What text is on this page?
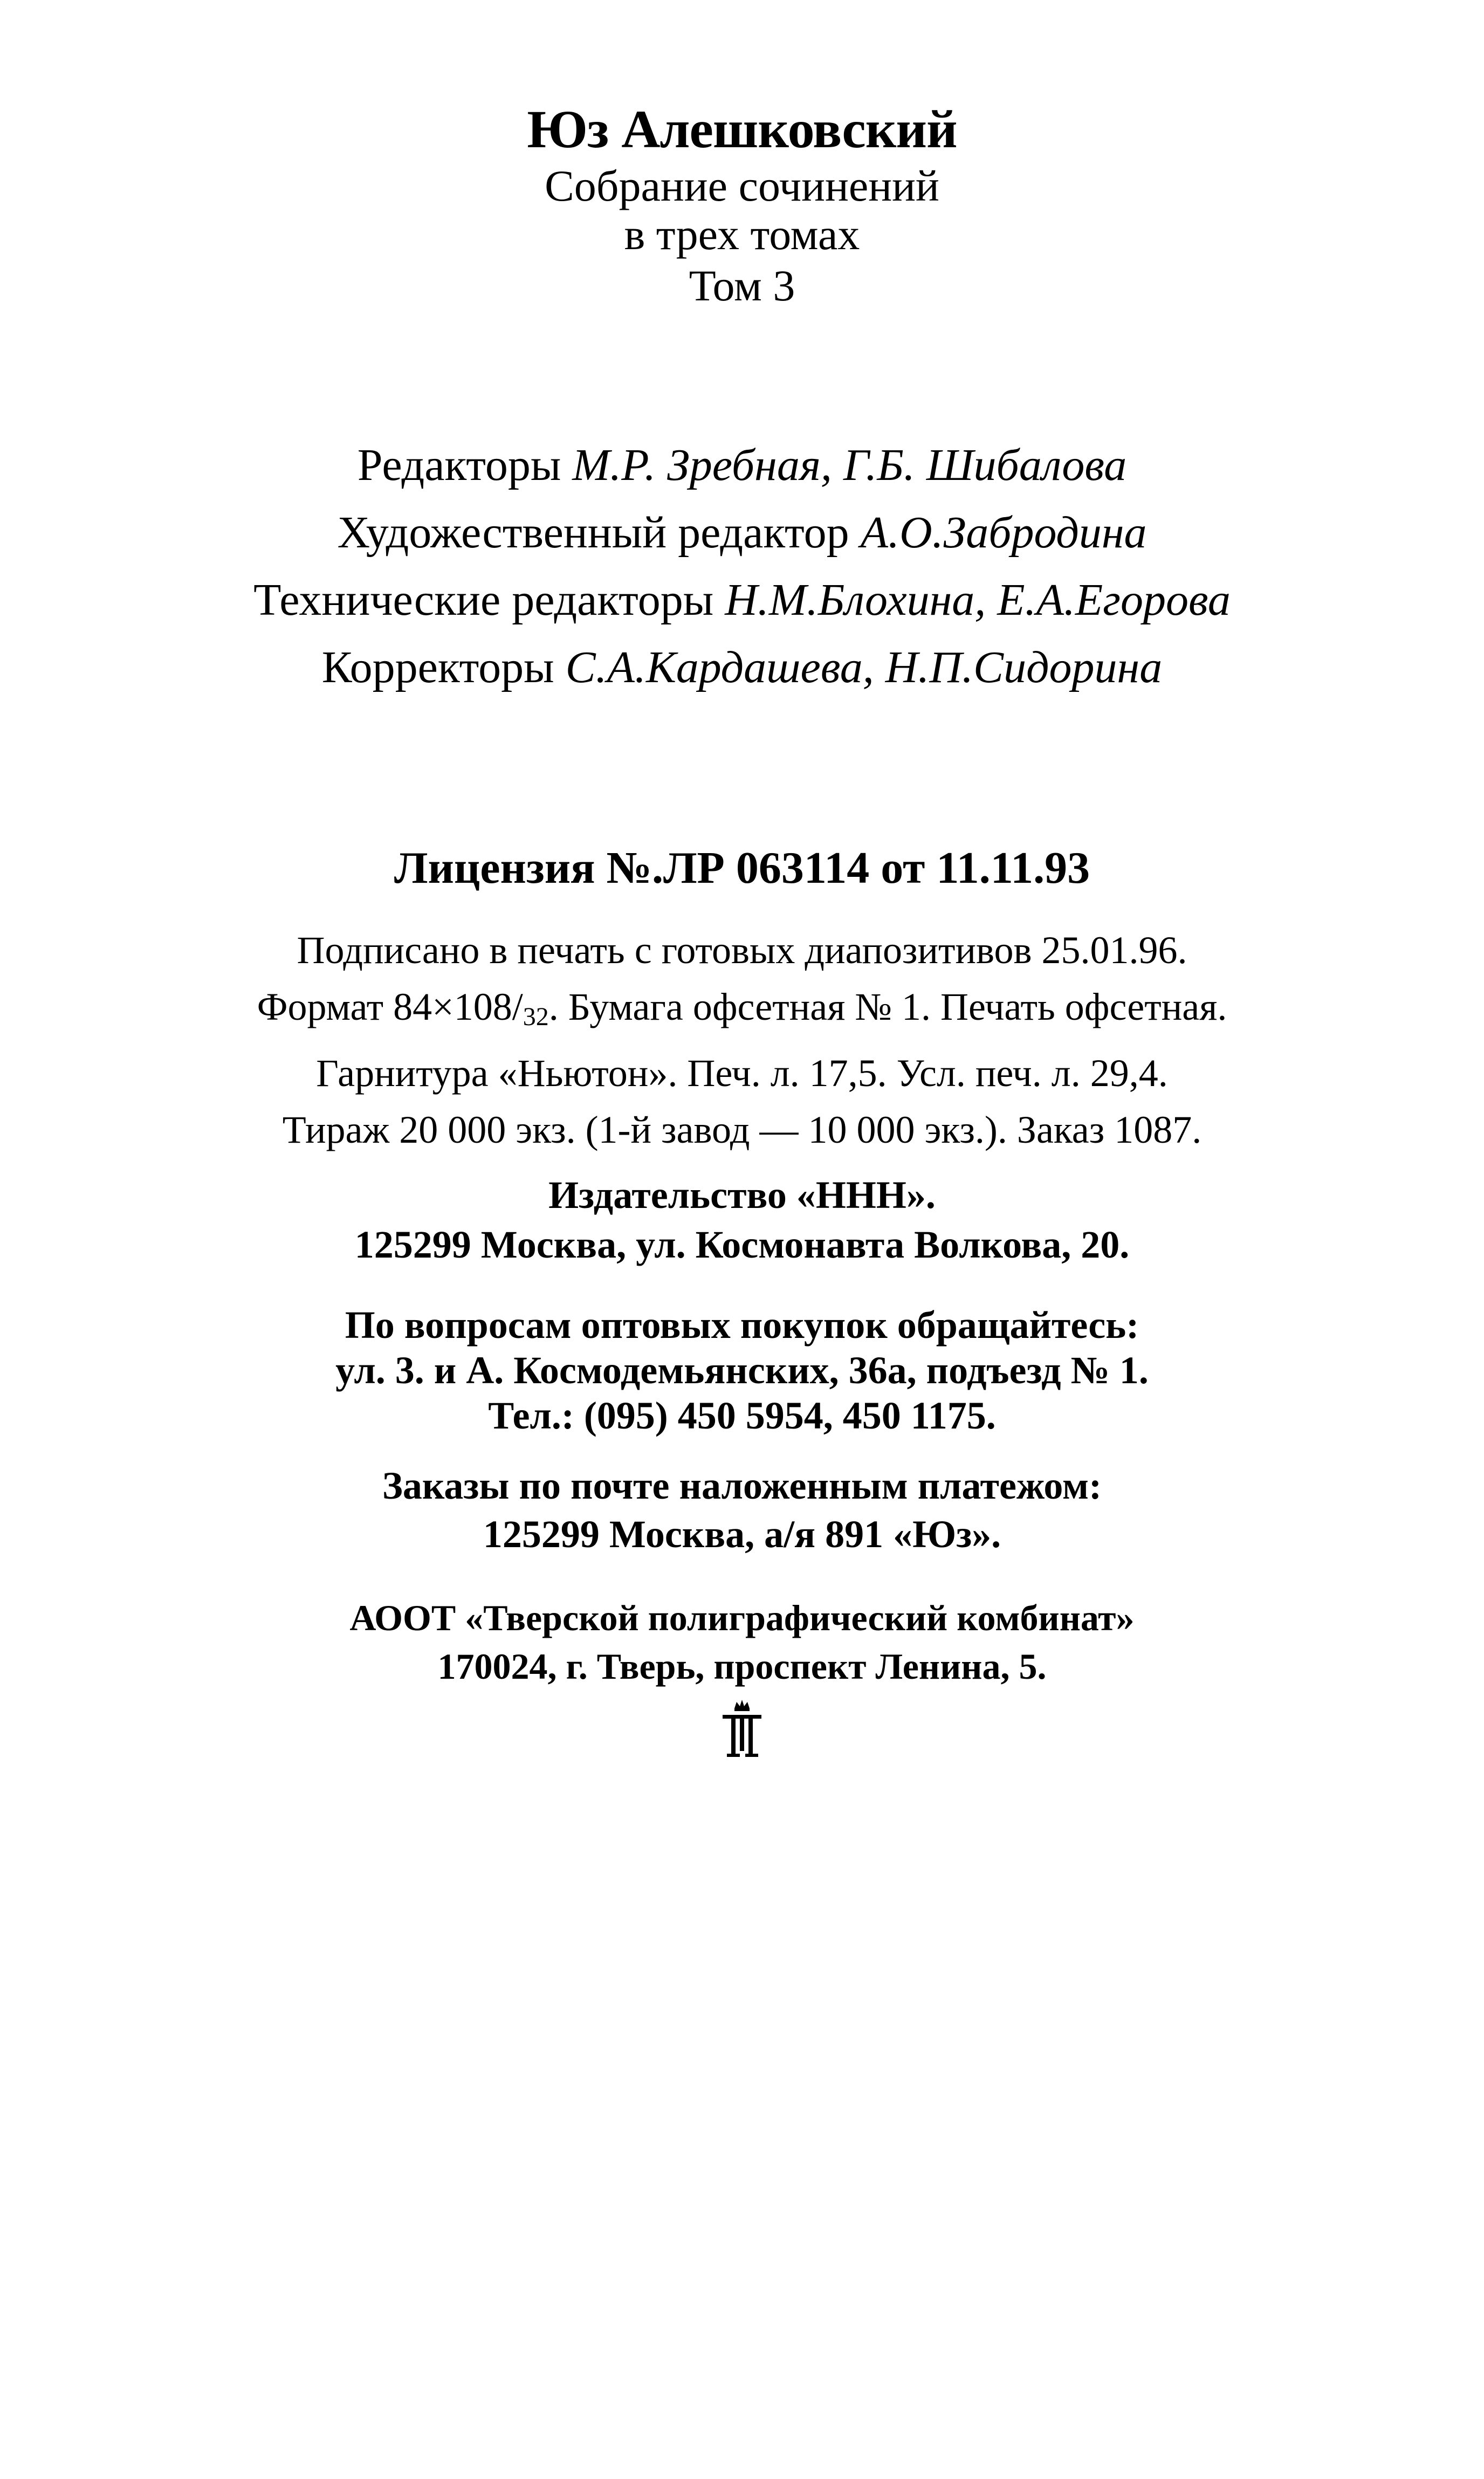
Юз Алешковский
Собрание сочинений
в трех томах
Том 3
Редакторы М.Р. Зребная, Г.Б. Шибалова
Художественный редактор А.О.Забродина
Технические редакторы Н.М.Блохина, Е.А.Егорова
Корректоры С.А.Кардашева, Н.П.Сидорина
Лицензия №.ЛР 063114 от 11.11.93
Подписано в печать с готовых диапозитивов 25.01.96.
Формат 84×108/32. Бумага офсетная № 1. Печать офсетная.
Гарнитура «Ньютон». Печ. л. 17,5. Усл. печ. л. 29,4.
Тираж 20 000 экз. (1-й завод — 10 000 экз.). Заказ 1087.
Издательство «ННН».
125299 Москва, ул. Космонавта Волкова, 20.
По вопросам оптовых покупок обращайтесь:
ул. 3. и А. Космодемьянских, 36а, подъезд № 1.
Тел.: (095) 450 5954, 450 1175.
Заказы по почте наложенным платежом:
125299 Москва, а/я 891 «Юз».
АООТ «Тверской полиграфический комбинат»
170024, г. Тверь, проспект Ленина, 5.
